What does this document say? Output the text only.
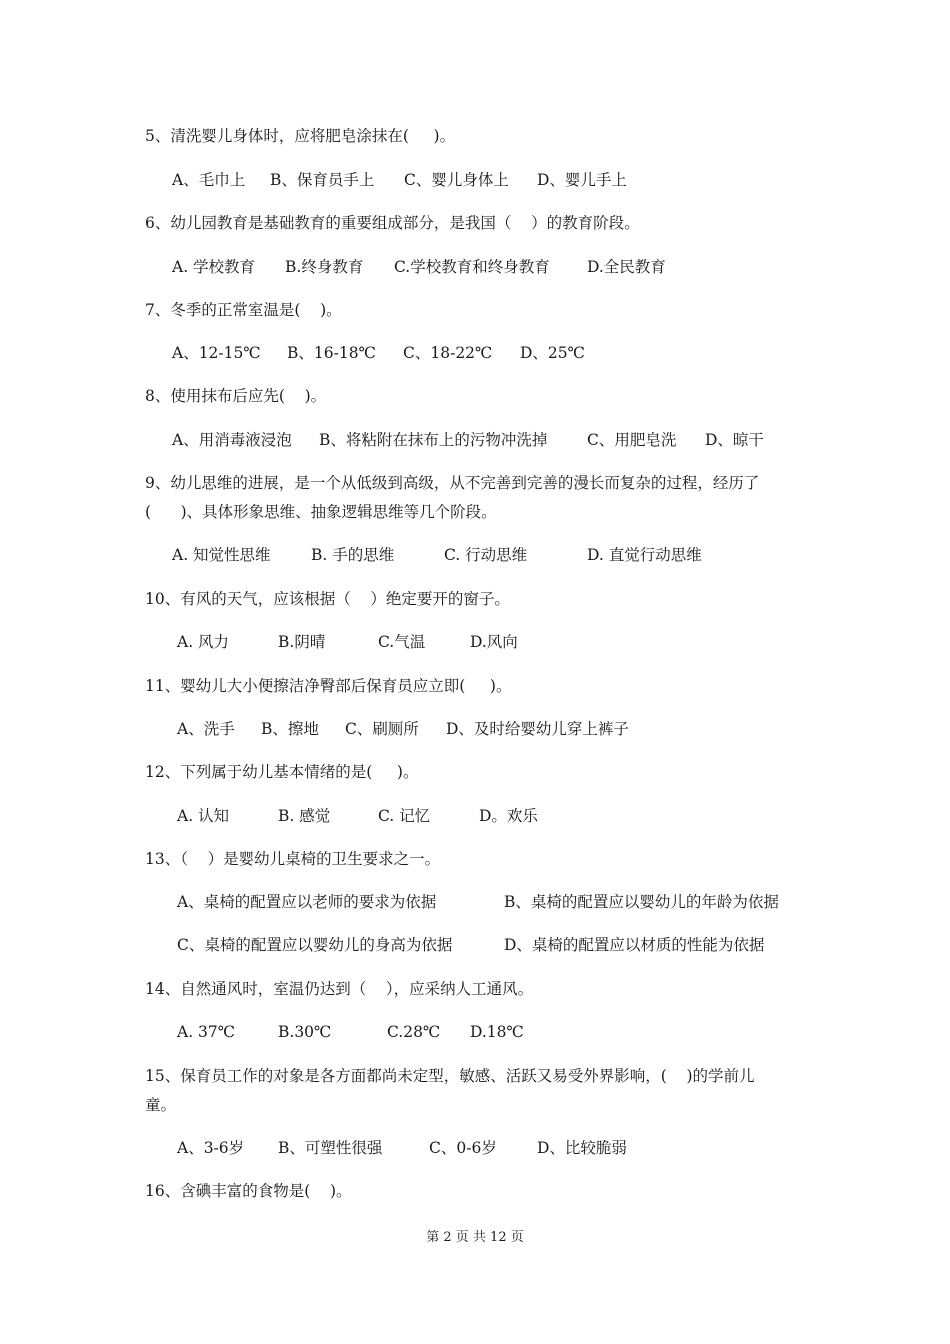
5、清洗婴儿身体时，应将肥皂涂抹在(     )。
A、毛巾上 B、保育员手上 C、婴儿身体上 D、婴儿手上
6、幼儿园教育是基础教育的重要组成部分，是我国（    ）的教育阶段。
A. 学校教育 B.终身教育 C.学校教育和终身教育 D.全民教育
7、冬季的正常室温是(    )。
A、12-15℃ B、16-18℃ C、18-22℃ D、25℃
8、使用抹布后应先(    )。
A、用消毒液浸泡 B、将粘附在抹布上的污物冲洗掉	C、用肥皂洗 D、晾干
9、幼儿思维的进展，是一个从低级到高级，从不完善到完善的漫长而复杂的过程，经历了
(      )、具体形象思维、抽象逻辑思维等几个阶段。
A. 知觉性思维	B. 手的思维	C. 行动思维	D. 直觉行动思维
10、有风的天气，应该根据（    ）绝定要开的窗子。
A. 风力	B.阴晴	C.气温	D.风向
11、婴幼儿大小便擦洁净臀部后保育员应立即(     )。
A、洗手 B、擦地 C、刷厕所 D、及时给婴幼儿穿上裤子
12、下列属于幼儿基本情绪的是(     )。
A. 认知	B. 感觉	C. 记忆	D。欢乐
13、（    ）是婴幼儿桌椅的卫生要求之一。
A、桌椅的配置应以老师的要求为依据	B、桌椅的配置应以婴幼儿的年龄为依据
C、桌椅的配置应以婴幼儿的身高为依据	D、桌椅的配置应以材质的性能为依据
14、自然通风时，室温仍达到（    ），应采纳人工通风。
A. 37℃	B.30℃	C.28℃ D.18℃
15、保育员工作的对象是各方面都尚未定型，敏感、活跃又易受外界影响，(    )的学前儿
童。
A、3-6岁 B、可塑性很强	C、0-6岁	D、比较脆弱
16、含碘丰富的食物是(    )。
第 2 页 共 12 页
